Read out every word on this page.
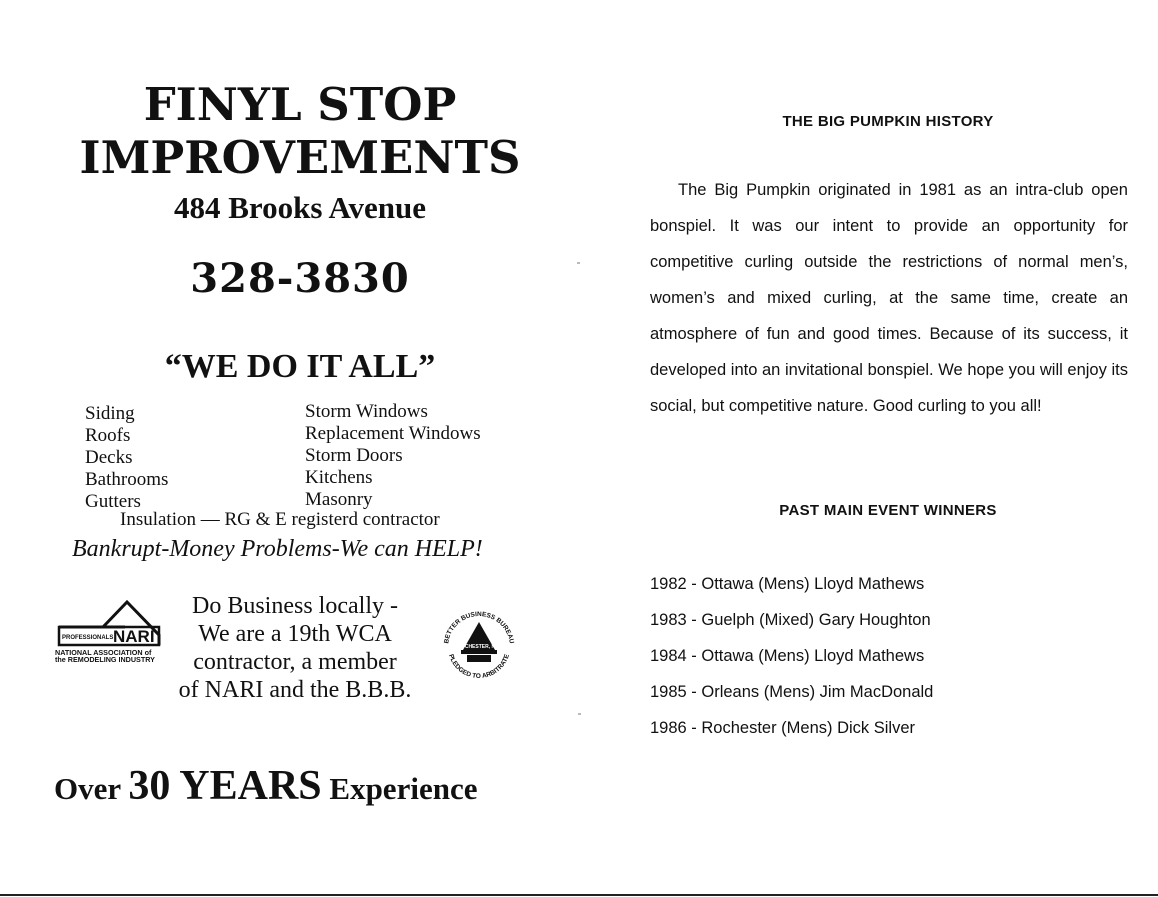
FINYL STOP
IMPROVEMENTS
484 Brooks Avenue
328-3830
“WE DO IT ALL”
Siding
Roofs
Decks
Bathrooms
Gutters
Storm Windows
Replacement Windows
Storm Doors
Kitchens
Masonry
Insulation — RG & E registerd contractor
Bankrupt-Money Problems-We can HELP!
PROFESSIONALS NARI
NATIONAL ASSOCIATION of
the REMODELING INDUSTRY
Do Business locally -
We are a 19th WCA
contractor, a member
of NARI and the B.B.B.
BETTER BUSINESS BUREAU
PLEDGED TO ARBITRATE
ROCHESTER, N.Y.
Over 30 YEARS Experience
THE BIG PUMPKIN HISTORY

The Big Pumpkin originated in 1981 as an intra-club open bonspiel. It was our intent to provide an opportunity for competitive curling outside the restrictions of normal men’s, women’s and mixed curling, at the same time, create an atmosphere of fun and good times. Because of its success, it developed into an invitational bonspiel. We hope you will enjoy its social, but competitive nature. Good curling to you all!

PAST MAIN EVENT WINNERS
1982 - Ottawa (Mens) Lloyd Mathews
1983 - Guelph (Mixed) Gary Houghton
1984 - Ottawa (Mens) Lloyd Mathews
1985 - Orleans (Mens) Jim MacDonald
1986 - Rochester (Mens) Dick Silver
